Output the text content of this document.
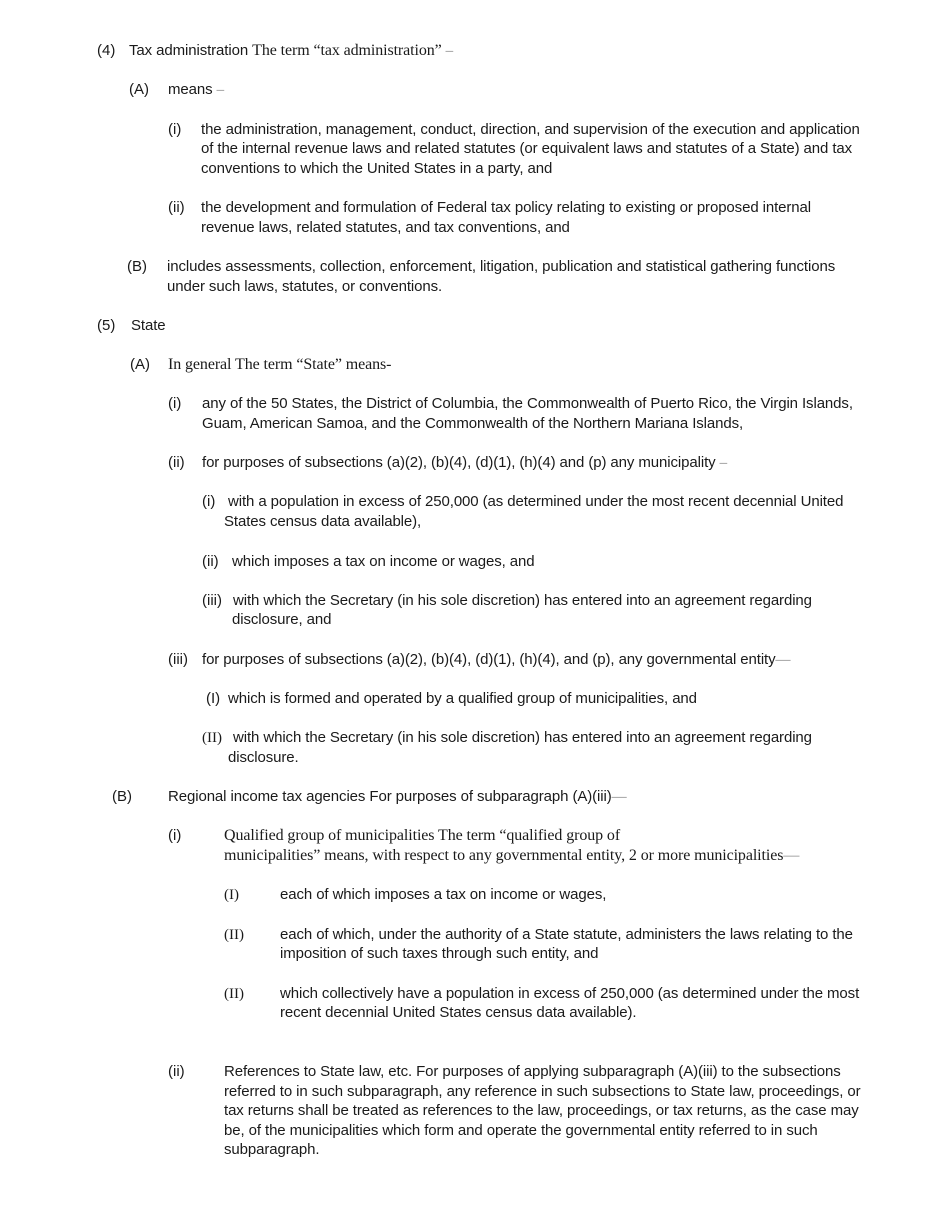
(4) Tax administration The term “tax administration” –
(A) means –
(i) the administration, management, conduct, direction, and supervision of the execution and application
of the internal revenue laws and related statutes (or equivalent laws and statutes of a State) and tax
conventions to which the United States in a party, and
(ii) the development and formulation of Federal tax policy relating to existing or proposed internal
revenue laws, related statutes, and tax conventions, and
(B) includes assessments, collection, enforcement, litigation, publication and statistical gathering functions
under such laws, statutes, or conventions.
(5) State
(A) In general The term “State” means-
(i) any of the 50 States, the District of Columbia, the Commonwealth of Puerto Rico, the Virgin Islands,
Guam, American Samoa, and the Commonwealth of the Northern Mariana Islands,
(ii) for purposes of subsections (a)(2), (b)(4), (d)(1), (h)(4) and (p) any municipality –
(i) with a population in excess of 250,000 (as determined under the most recent decennial United
States census data available),
(ii) which imposes a tax on income or wages, and
(iii) with which the Secretary (in his sole discretion) has entered into an agreement regarding
disclosure, and
(iii) for purposes of subsections (a)(2), (b)(4), (d)(1), (h)(4), and (p), any governmental entity—
(I) which is formed and operated by a qualified group of municipalities, and
(II) with which the Secretary (in his sole discretion) has entered into an agreement regarding
disclosure.
(B) Regional income tax agencies For purposes of subparagraph (A)(iii)—
(i)	Qualified group of municipalities The term “qualified group of
municipalities” means, with respect to any governmental entity, 2 or more municipalities—
(I)	each of which imposes a tax on income or wages,
(II) each of which, under the authority of a State statute, administers the laws relating to the
imposition of such taxes through such entity, and
(II) which collectively have a population in excess of 250,000 (as determined under the most
recent decennial United States census data available).
(ii)	References to State law, etc. For purposes of applying subparagraph (A)(iii) to the subsections
referred to in such subparagraph, any reference in such subsections to State law, proceedings, or
tax returns shall be treated as references to the law, proceedings, or tax returns, as the case may
be, of the municipalities which form and operate the governmental entity referred to in such
subparagraph.
